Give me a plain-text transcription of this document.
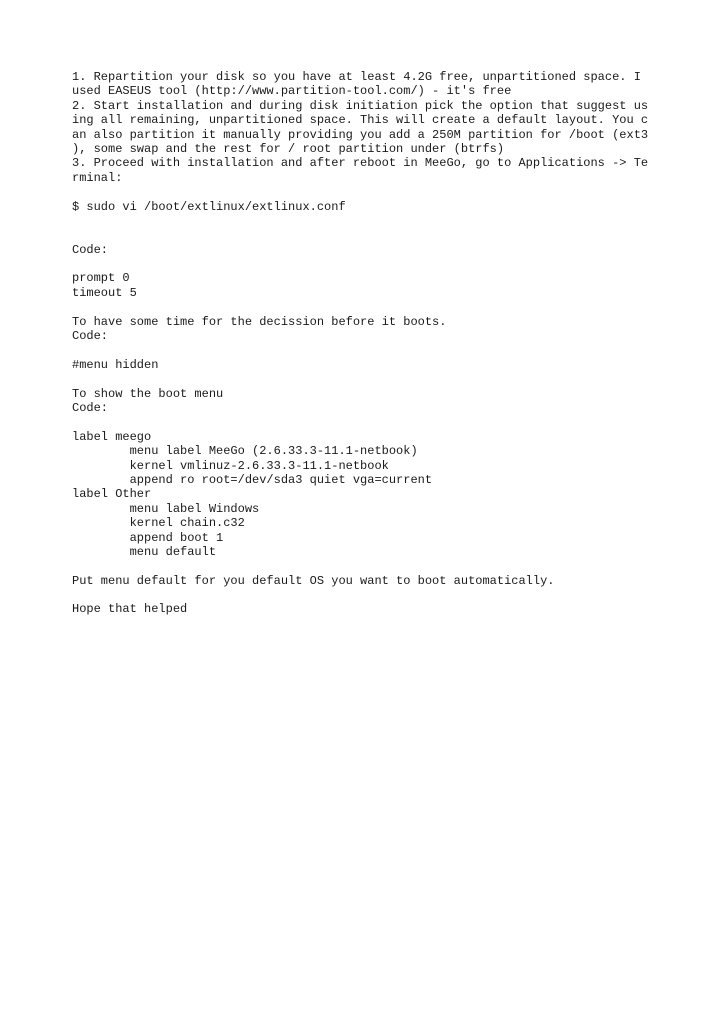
1. Repartition your disk so you have at least 4.2G free, unpartitioned space. I
used EASEUS tool (http://www.partition-tool.com/) - it's free
2. Start installation and during disk initiation pick the option that suggest us
ing all remaining, unpartitioned space. This will create a default layout. You c
an also partition it manually providing you add a 250M partition for /boot (ext3
), some swap and the rest for / root partition under (btrfs)
3. Proceed with installation and after reboot in MeeGo, go to Applications -> Te
rminal:
$ sudo vi /boot/extlinux/extlinux.conf
Code:
prompt 0
timeout 5
To have some time for the decission before it boots.
Code:
#menu hidden
To show the boot menu
Code:
label meego
menu label MeeGo (2.6.33.3-11.1-netbook)
kernel vmlinuz-2.6.33.3-11.1-netbook
append ro root=/dev/sda3 quiet vga=current
label Other
menu label Windows
kernel chain.c32
append boot 1
menu default
Put menu default for you default OS you want to boot automatically.
Hope that helped
